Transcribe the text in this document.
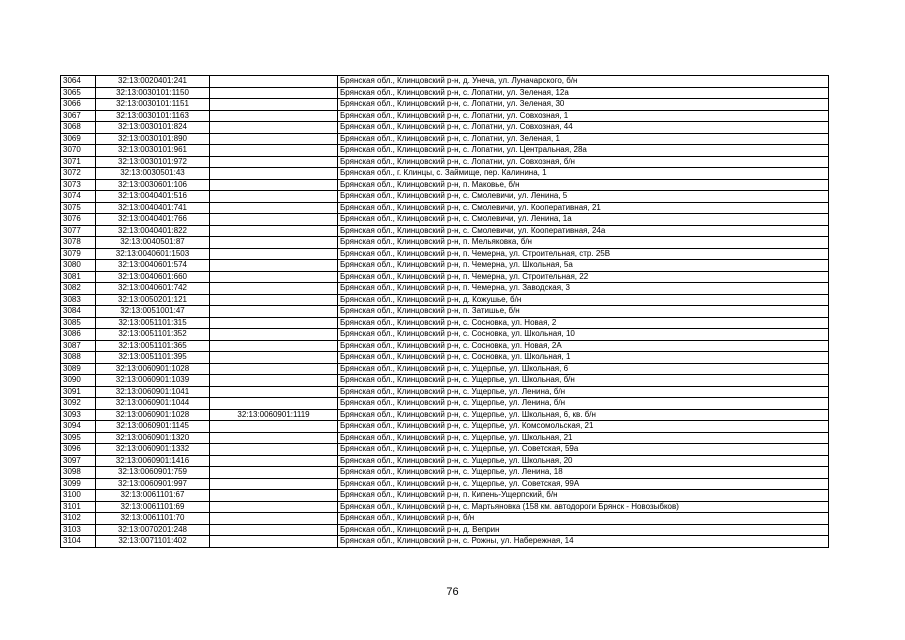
3064	32:13:0020401:241		Брянская обл., Клинцовский р-н, д. Унеча, ул. Луначарского, б/н
3065	32:13:0030101:1150		Брянская обл., Клинцовский р-н, с. Лопатни, ул. Зеленая, 12а
3066	32:13:0030101:1151		Брянская обл., Клинцовский р-н, с. Лопатни, ул. Зеленая, 30
3067	32:13:0030101:1163		Брянская обл., Клинцовский р-н, с. Лопатни, ул. Совхозная, 1
3068	32:13:0030101:824		Брянская обл., Клинцовский р-н, с. Лопатни, ул. Совхозная, 44
3069	32:13:0030101:890		Брянская обл., Клинцовский р-н, с. Лопатни, ул. Зеленая, 1
3070	32:13:0030101:961		Брянская обл., Клинцовский р-н, с. Лопатни, ул. Центральная, 28а
3071	32:13:0030101:972		Брянская обл., Клинцовский р-н, с. Лопатни, ул. Совхозная, б/н
3072	32:13:0030501:43		Брянская обл., г. Клинцы, с. Займище, пер. Калинина, 1
3073	32:13:0030601:106		Брянская обл., Клинцовский р-н, п. Маковье, б/н
3074	32:13:0040401:516		Брянская обл., Клинцовский р-н, с. Смолевичи, ул. Ленина, 5
3075	32:13:0040401:741		Брянская обл., Клинцовский р-н, с. Смолевичи, ул. Кооперативная, 21
3076	32:13:0040401:766		Брянская обл., Клинцовский р-н, с. Смолевичи, ул. Ленина, 1а
3077	32:13:0040401:822		Брянская обл., Клинцовский р-н, с. Смолевичи, ул. Кооперативная, 24а
3078	32:13:0040501:87		Брянская обл., Клинцовский р-н, п. Мельяковка, б/н
3079	32:13:0040601:1503		Брянская обл., Клинцовский р-н, п. Чемерна, ул. Строительная, стр. 25В
3080	32:13:0040601:574		Брянская обл., Клинцовский р-н, п. Чемерна, ул. Школьная, 5а
3081	32:13:0040601:660		Брянская обл., Клинцовский р-н, п. Чемерна, ул. Строительная, 22
3082	32:13:0040601:742		Брянская обл., Клинцовский р-н, п. Чемерна, ул. Заводская, 3
3083	32:13:0050201:121		Брянская обл., Клинцовский р-н, д. Кожушье, б/н
3084	32:13:0051001:47		Брянская обл., Клинцовский р-н, п. Затишье, б/н
3085	32:13:0051101:315		Брянская обл., Клинцовский р-н, с. Сосновка, ул. Новая, 2
3086	32:13:0051101:352		Брянская обл., Клинцовский р-н, с. Сосновка, ул. Школьная, 10
3087	32:13:0051101:365		Брянская обл., Клинцовский р-н, с. Сосновка, ул. Новая, 2А
3088	32:13:0051101:395		Брянская обл., Клинцовский р-н, с. Сосновка, ул. Школьная, 1
3089	32:13:0060901:1028		Брянская обл., Клинцовский р-н, с. Ущерпье, ул. Школьная, 6
3090	32:13:0060901:1039		Брянская обл., Клинцовский р-н, с. Ущерпье, ул. Школьная, б/н
3091	32:13:0060901:1041		Брянская обл., Клинцовский р-н, с. Ущерпье, ул. Ленина, б/н
3092	32:13:0060901:1044		Брянская обл., Клинцовский р-н, с. Ущерпье, ул. Ленина, б/н
3093	32:13:0060901:1028	32:13:0060901:1119	Брянская обл., Клинцовский р-н, с. Ущерпье, ул. Школьная, 6, кв. б/н
3094	32:13:0060901:1145		Брянская обл., Клинцовский р-н, с. Ущерпье, ул. Комсомольская, 21
3095	32:13:0060901:1320		Брянская обл., Клинцовский р-н, с. Ущерпье, ул. Школьная, 21
3096	32:13:0060901:1332		Брянская обл., Клинцовский р-н, с. Ущерпье, ул. Советская, 59а
3097	32:13:0060901:1416		Брянская обл., Клинцовский р-н, с. Ущерпье, ул. Школьная, 20
3098	32:13:0060901:759		Брянская обл., Клинцовский р-н, с. Ущерпье, ул. Ленина, 18
3099	32:13:0060901:997		Брянская обл., Клинцовский р-н, с. Ущерпье, ул. Советская, 99А
3100	32:13:0061101:67		Брянская обл., Клинцовский р-н, п. Кипень-Ущерпский, б/н
3101	32:13:0061101:69		Брянская обл., Клинцовский р-н, с. Мартьяновка (158 км. автодороги Брянск - Новозыбков)
3102	32:13:0061101:70		Брянская обл., Клинцовский р-н, б/н
3103	32:13:0070201:248		Брянская обл., Клинцовский р-н, д. Веприн
3104	32:13:0071101:402		Брянская обл., Клинцовский р-н, с. Рожны, ул. Набережная, 14
76
